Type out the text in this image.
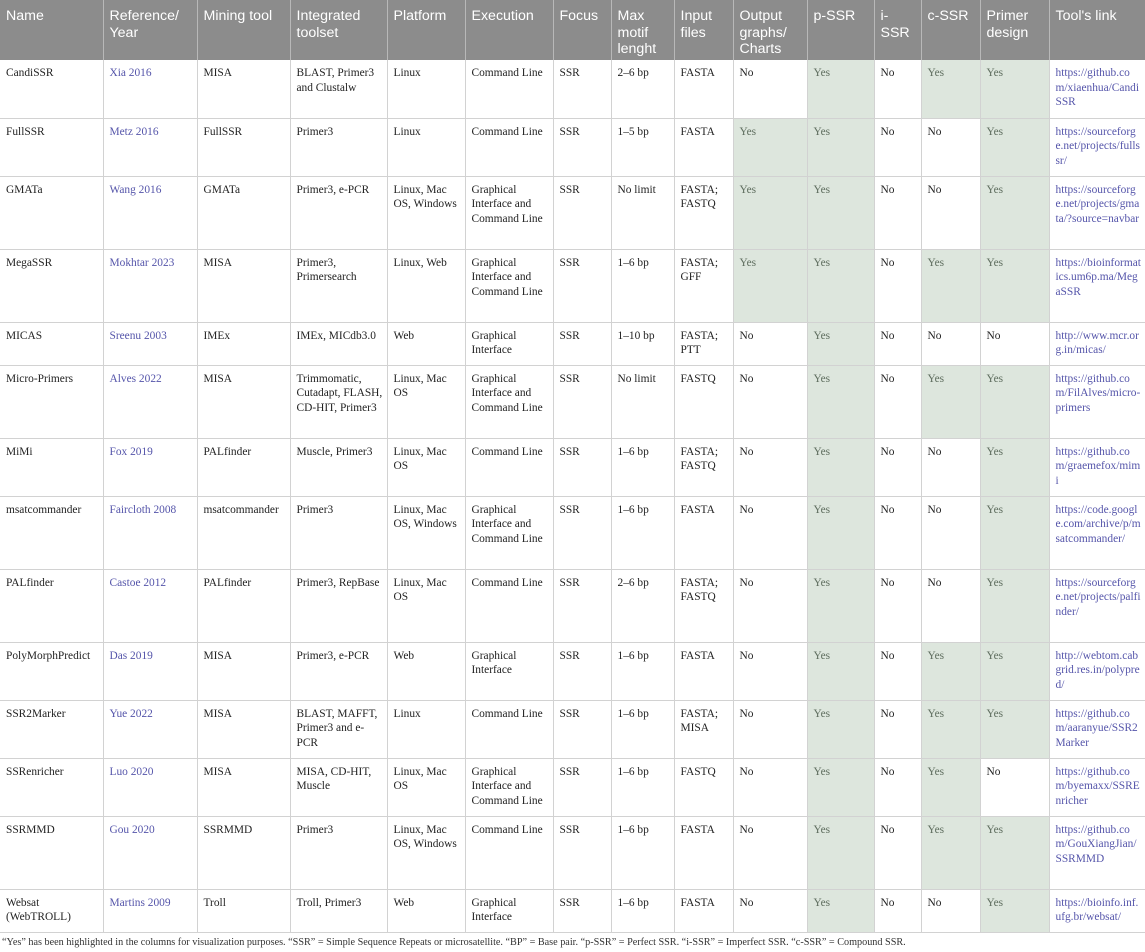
Name	Reference/ Year	Mining tool	Integrated toolset	Platform	Execution	Focus	Max motif lenght	Input files	Output graphs/ Charts	p-SSR	i-SSR	c-SSR	Primer design	Tool's link
CandiSSR	Xia 2016	MISA	BLAST, Primer3 and Clustalw	Linux	Command Line	SSR	2–6 bp	FASTA	No	Yes	No	Yes	Yes	https://github.com/xiaenhua/CandiSSR
FullSSR	Metz 2016	FullSSR	Primer3	Linux	Command Line	SSR	1–5 bp	FASTA	Yes	Yes	No	No	Yes	https://sourceforge.net/projects/fullssr/
GMATa	Wang 2016	GMATa	Primer3, e-PCR	Linux, Mac OS, Windows	Graphical Interface and Command Line	SSR	No limit	FASTA; FASTQ	Yes	Yes	No	No	Yes	https://sourceforge.net/projects/gmata/?source=navbar
MegaSSR	Mokhtar 2023	MISA	Primer3, Primersearch	Linux, Web	Graphical Interface and Command Line	SSR	1–6 bp	FASTA; GFF	Yes	Yes	No	Yes	Yes	https://bioinformatics.um6p.ma/MegaSSR
MICAS	Sreenu 2003	IMEx	IMEx, MICdb3.0	Web	Graphical Interface	SSR	1–10 bp	FASTA; PTT	No	Yes	No	No	No	http://www.mcr.org.in/micas/
Micro-Primers	Alves 2022	MISA	Trimmomatic, Cutadapt, FLASH, CD-HIT, Primer3	Linux, Mac OS	Graphical Interface and Command Line	SSR	No limit	FASTQ	No	Yes	No	Yes	Yes	https://github.com/FilAlves/micro-primers
MiMi	Fox 2019	PALfinder	Muscle, Primer3	Linux, Mac OS	Command Line	SSR	1–6 bp	FASTA; FASTQ	No	Yes	No	No	Yes	https://github.com/graemefox/mimi
msatcommander	Faircloth 2008	msatcommander	Primer3	Linux, Mac OS, Windows	Graphical Interface and Command Line	SSR	1–6 bp	FASTA	No	Yes	No	No	Yes	https://code.google.com/archive/p/msatcommander/
PALfinder	Castoe 2012	PALfinder	Primer3, RepBase	Linux, Mac OS	Command Line	SSR	2–6 bp	FASTA; FASTQ	No	Yes	No	No	Yes	https://sourceforge.net/projects/palfinder/
PolyMorphPredict	Das 2019	MISA	Primer3, e-PCR	Web	Graphical Interface	SSR	1–6 bp	FASTA	No	Yes	No	Yes	Yes	http://webtom.cabgrid.res.in/polypred/
SSR2Marker	Yue 2022	MISA	BLAST, MAFFT, Primer3 and e-PCR	Linux	Command Line	SSR	1–6 bp	FASTA; MISA	No	Yes	No	Yes	Yes	https://github.com/aaranyue/SSR2Marker
SSRenricher	Luo 2020	MISA	MISA, CD-HIT, Muscle	Linux, Mac OS	Graphical Interface and Command Line	SSR	1–6 bp	FASTQ	No	Yes	No	Yes	No	https://github.com/byemaxx/SSREnricher
SSRMMD	Gou 2020	SSRMMD	Primer3	Linux, Mac OS, Windows	Command Line	SSR	1–6 bp	FASTA	No	Yes	No	Yes	Yes	https://github.com/GouXiangJian/SSRMMD
Websat (WebTROLL)	Martins 2009	Troll	Troll, Primer3	Web	Graphical Interface	SSR	1–6 bp	FASTA	No	Yes	No	No	Yes	https://bioinfo.inf.ufg.br/websat/
“Yes” has been highlighted in the columns for visualization purposes. “SSR” = Simple Sequence Repeats or microsatellite. “BP” = Base pair. “p-SSR” = Perfect SSR. “i-SSR” = Imperfect SSR. “c-SSR” = Compound SSR.
